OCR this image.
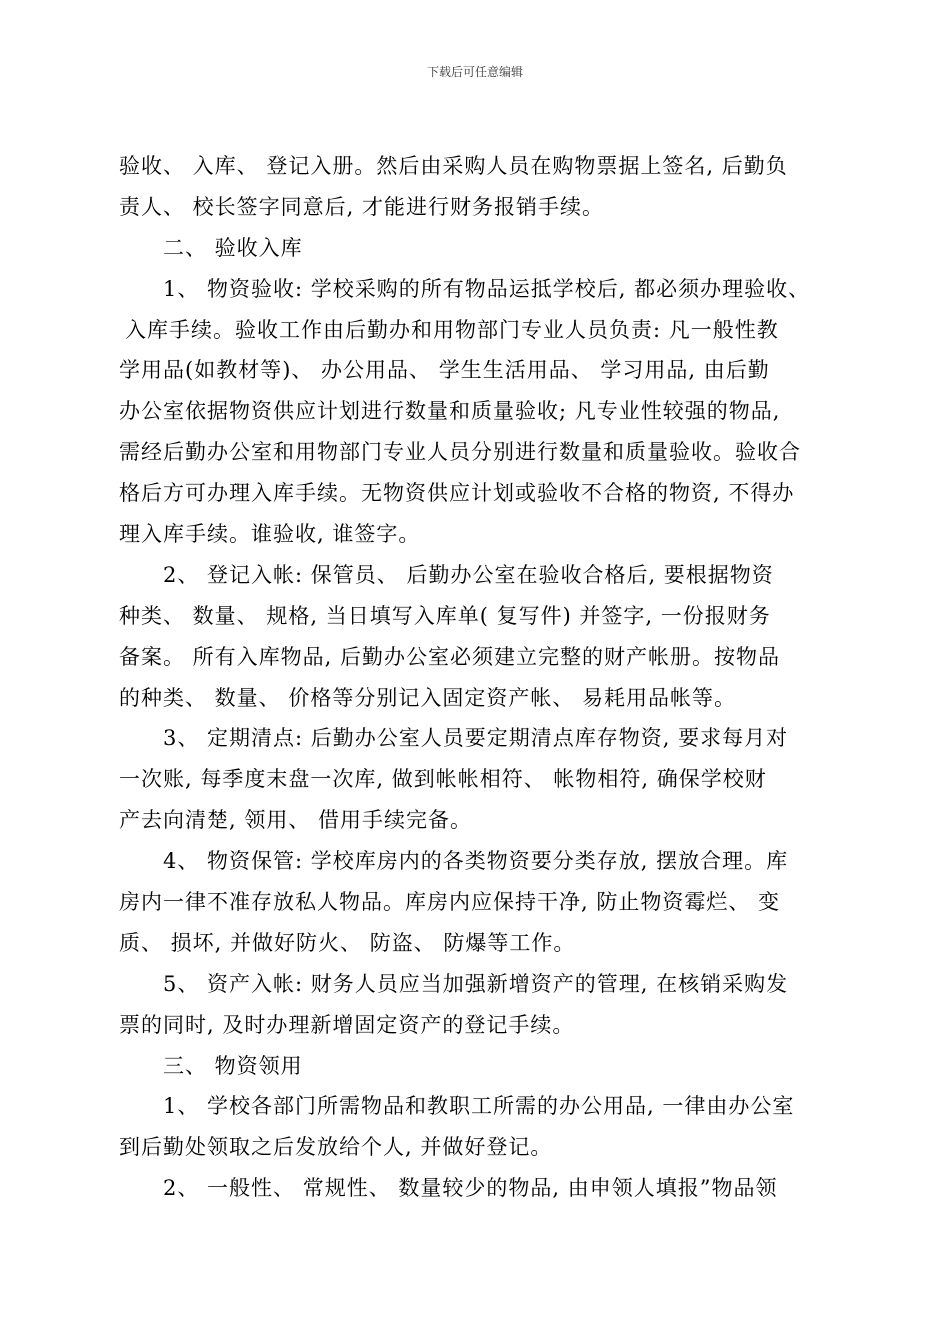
下载后可任意编辑
验收、 入库、 登记入册。然后由采购人员在购物票据上签名, 后勤负
责人、 校长签字同意后, 才能进行财务报销手续。
二、 验收入库
1、 物资验收: 学校采购的所有物品运抵学校后, 都必须办理验收、
入库手续。验收工作由后勤办和用物部门专业人员负责: 凡一般性教
学用品(如教材等)、 办公用品、 学生生活用品、 学习用品, 由后勤
办公室依据物资供应计划进行数量和质量验收; 凡专业性较强的物品,
需经后勤办公室和用物部门专业人员分别进行数量和质量验收。验收合
格后方可办理入库手续。无物资供应计划或验收不合格的物资, 不得办
理入库手续。谁验收, 谁签字。
2、 登记入帐: 保管员、 后勤办公室在验收合格后, 要根据物资
种类、 数量、 规格, 当日填写入库单( 复写件) 并签字, 一份报财务
备案。 所有入库物品, 后勤办公室必须建立完整的财产帐册。按物品
的种类、 数量、 价格等分别记入固定资产帐、 易耗用品帐等。
3、 定期清点: 后勤办公室人员要定期清点库存物资, 要求每月对
一次账, 每季度末盘一次库, 做到帐帐相符、 帐物相符, 确保学校财
产去向清楚, 领用、 借用手续完备。
4、 物资保管: 学校库房内的各类物资要分类存放, 摆放合理。库
房内一律不准存放私人物品。库房内应保持干净, 防止物资霉烂、 变
质、 损坏, 并做好防火、 防盗、 防爆等工作。
5、 资产入帐: 财务人员应当加强新增资产的管理, 在核销采购发
票的同时, 及时办理新增固定资产的登记手续。
三、 物资领用
1、 学校各部门所需物品和教职工所需的办公用品, 一律由办公室
到后勤处领取之后发放给个人, 并做好登记。
2、 一般性、 常规性、 数量较少的物品, 由申领人填报”物品领
